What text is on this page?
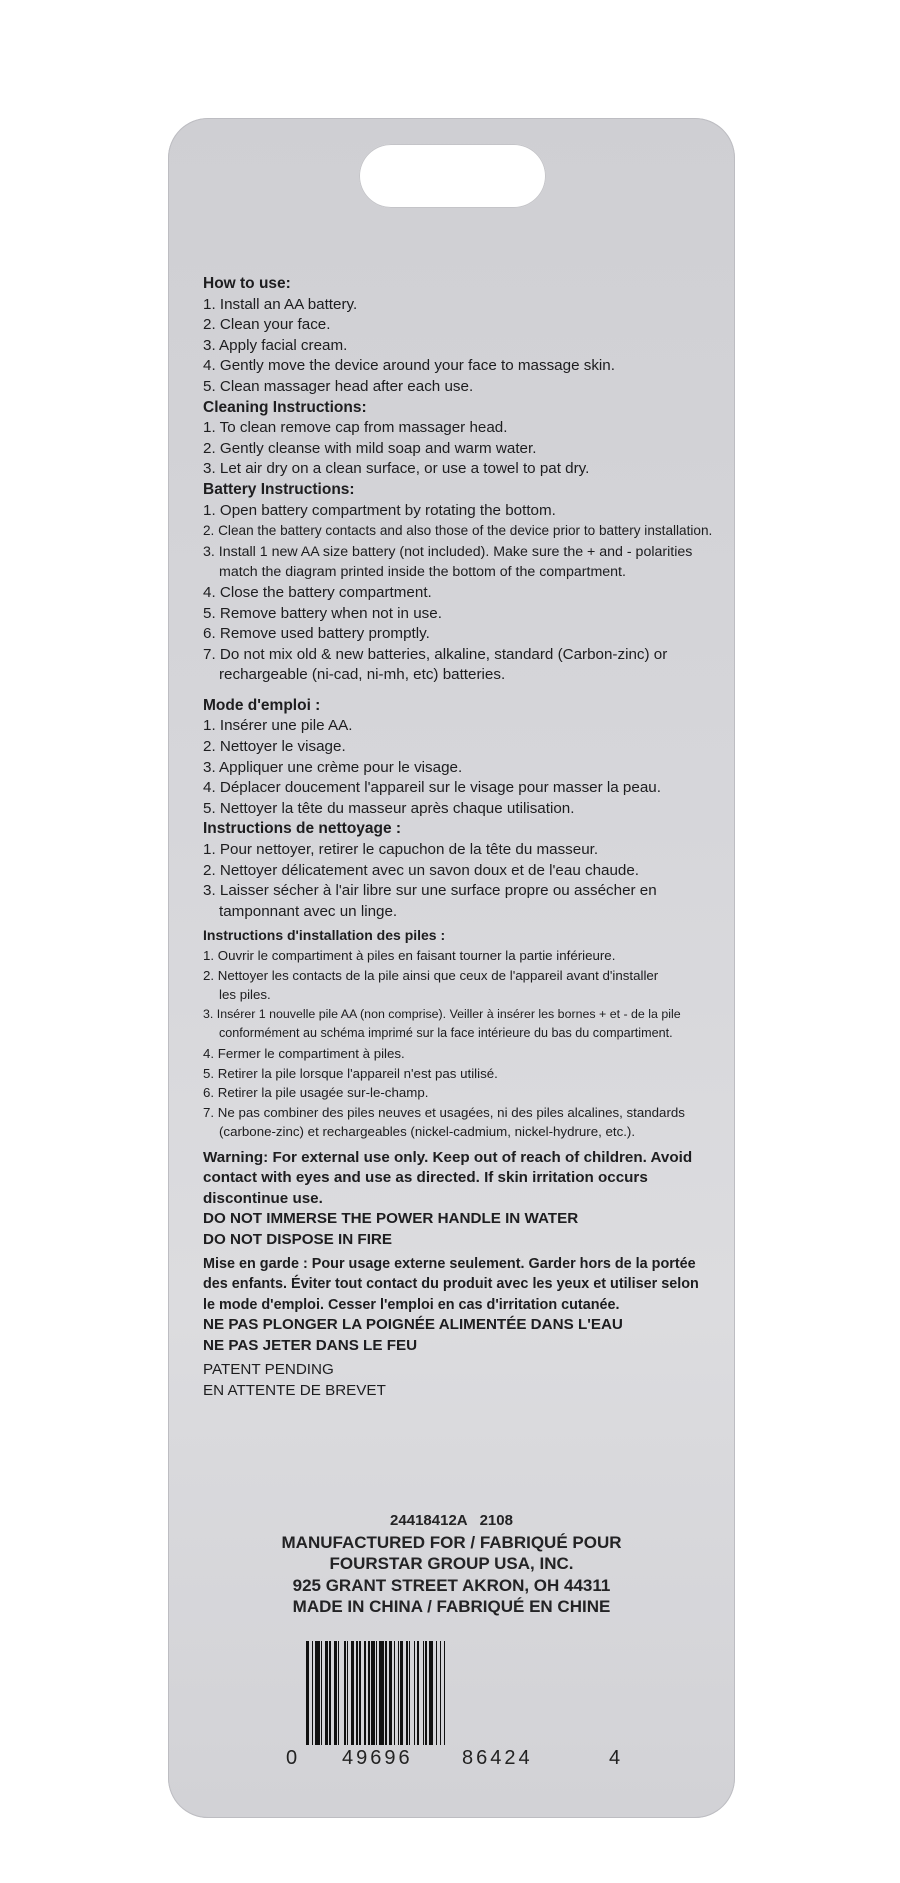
How to use:
1. Install an AA battery.
2. Clean your face.
3. Apply facial cream.
4. Gently move the device around your face to massage skin.
5. Clean massager head after each use.
Cleaning Instructions:
1. To clean remove cap from massager head.
2. Gently cleanse with mild soap and warm water.
3. Let air dry on a clean surface, or use a towel to pat dry.
Battery Instructions:
1. Open battery compartment by rotating the bottom.
2. Clean the battery contacts and also those of the device prior to battery installation.
3. Install 1 new AA size battery (not included). Make sure the + and - polarities
match the diagram printed inside the bottom of the compartment.
4. Close the battery compartment.
5. Remove battery when not in use.
6. Remove used battery promptly.
7. Do not mix old & new batteries, alkaline, standard (Carbon-zinc) or
rechargeable (ni-cad, ni-mh, etc) batteries.
Mode d'emploi :
1. Insérer une pile AA.
2. Nettoyer le visage.
3. Appliquer une crème pour le visage.
4. Déplacer doucement l'appareil sur le visage pour masser la peau.
5. Nettoyer la tête du masseur après chaque utilisation.
Instructions de nettoyage :
1. Pour nettoyer, retirer le capuchon de la tête du masseur.
2. Nettoyer délicatement avec un savon doux et de l'eau chaude.
3. Laisser sécher à l'air libre sur une surface propre ou assécher en
tamponnant avec un linge.
Instructions d'installation des piles :
1. Ouvrir le compartiment à piles en faisant tourner la partie inférieure.
2. Nettoyer les contacts de la pile ainsi que ceux de l'appareil avant d'installer
les piles.
3. Insérer 1 nouvelle pile AA (non comprise). Veiller à insérer les bornes + et - de la pile
conformément au schéma imprimé sur la face intérieure du bas du compartiment.
4. Fermer le compartiment à piles.
5. Retirer la pile lorsque l'appareil n'est pas utilisé.
6. Retirer la pile usagée sur-le-champ.
7. Ne pas combiner des piles neuves et usagées, ni des piles alcalines, standards
(carbone-zinc) et rechargeables (nickel-cadmium, nickel-hydrure, etc.).
Warning: For external use only. Keep out of reach of children. Avoid
contact with eyes and use as directed. If skin irritation occurs
discontinue use.
DO NOT IMMERSE THE POWER HANDLE IN WATER
DO NOT DISPOSE IN FIRE
Mise en garde : Pour usage externe seulement. Garder hors de la portée
des enfants. Éviter tout contact du produit avec les yeux et utiliser selon
le mode d'emploi. Cesser l'emploi en cas d'irritation cutanée.
NE PAS PLONGER LA POIGNÉE ALIMENTÉE DANS L'EAU
NE PAS JETER DANS LE FEU
PATENT PENDING
EN ATTENTE DE BREVET
24418412A   2108
MANUFACTURED FOR / FABRIQUÉ POUR
FOURSTAR GROUP USA, INC.
925 GRANT STREET AKRON, OH 44311
MADE IN CHINA / FABRIQUÉ EN CHINE
0 49696 86424	4
